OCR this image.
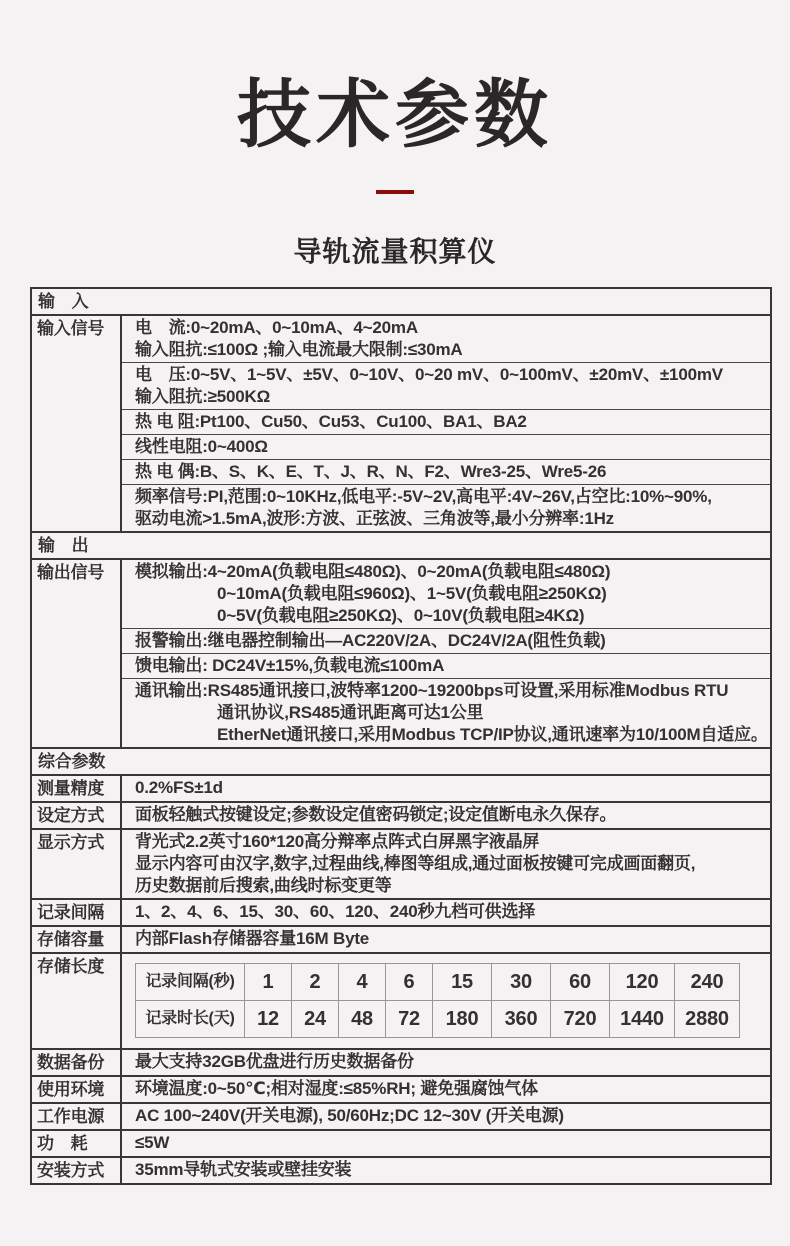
技术参数
导轨流量积算仪
输　入
输入信号	电　流:0~20mA、0~10mA、4~20mA
输入阻抗:≤100Ω ;输入电流最大限制:≤30mA
电　压:0~5V、1~5V、±5V、0~10V、0~20 mV、0~100mV、±20mV、±100mV
输入阻抗:≥500KΩ
热 电 阻:Pt100、Cu50、Cu53、Cu100、BA1、BA2
线性电阻:0~400Ω
热 电 偶:B、S、K、E、T、J、R、N、F2、Wre3-25、Wre5-26
频率信号:PI,范围:0~10KHz,低电平:-5V~2V,高电平:4V~26V,占空比:10%~90%,
驱动电流>1.5mA,波形:方波、正弦波、三角波等,最小分辨率:1Hz
输　出
输出信号	模拟输出:4~20mA(负载电阻≤480Ω)、0~20mA(负载电阻≤480Ω)
0~10mA(负载电阻≤960Ω)、1~5V(负载电阻≥250KΩ)
0~5V(负载电阻≥250KΩ)、0~10V(负载电阻≥4KΩ)
报警输出:继电器控制输出—AC220V/2A、DC24V/2A(阻性负载)
馈电输出: DC24V±15%,负载电流≤100mA
通讯输出:RS485通讯接口,波特率1200~19200bps可设置,采用标准Modbus RTU
通讯协议,RS485通讯距离可达1公里
EtherNet通讯接口,采用Modbus TCP/IP协议,通讯速率为10/100M自适应。
综合参数
测量精度	0.2%FS±1d
设定方式	面板轻触式按键设定;参数设定值密码锁定;设定值断电永久保存。
显示方式	背光式2.2英寸160*120高分辩率点阵式白屏黑字液晶屏
显示内容可由汉字,数字,过程曲线,棒图等组成,通过面板按键可完成画面翻页,
历史数据前后搜索,曲线时标变更等
记录间隔	1、2、4、6、15、30、60、120、240秒九档可供选择
存储容量	内部Flash存储器容量16M Byte
存储长度
记录间隔(秒)	1	2	4	6	15	30	60	120	240
记录时长(天)	12	24	48	72	180	360	720	1440	2880
数据备份	最大支持32GB优盘进行历史数据备份
使用环境	环境温度:0~50℃;相对湿度:≤85%RH; 避免强腐蚀气体
工作电源	AC 100~240V(开关电源), 50/60Hz;DC 12~30V (开关电源)
功　耗	≤5W
安装方式	35mm导轨式安装或壁挂安装
